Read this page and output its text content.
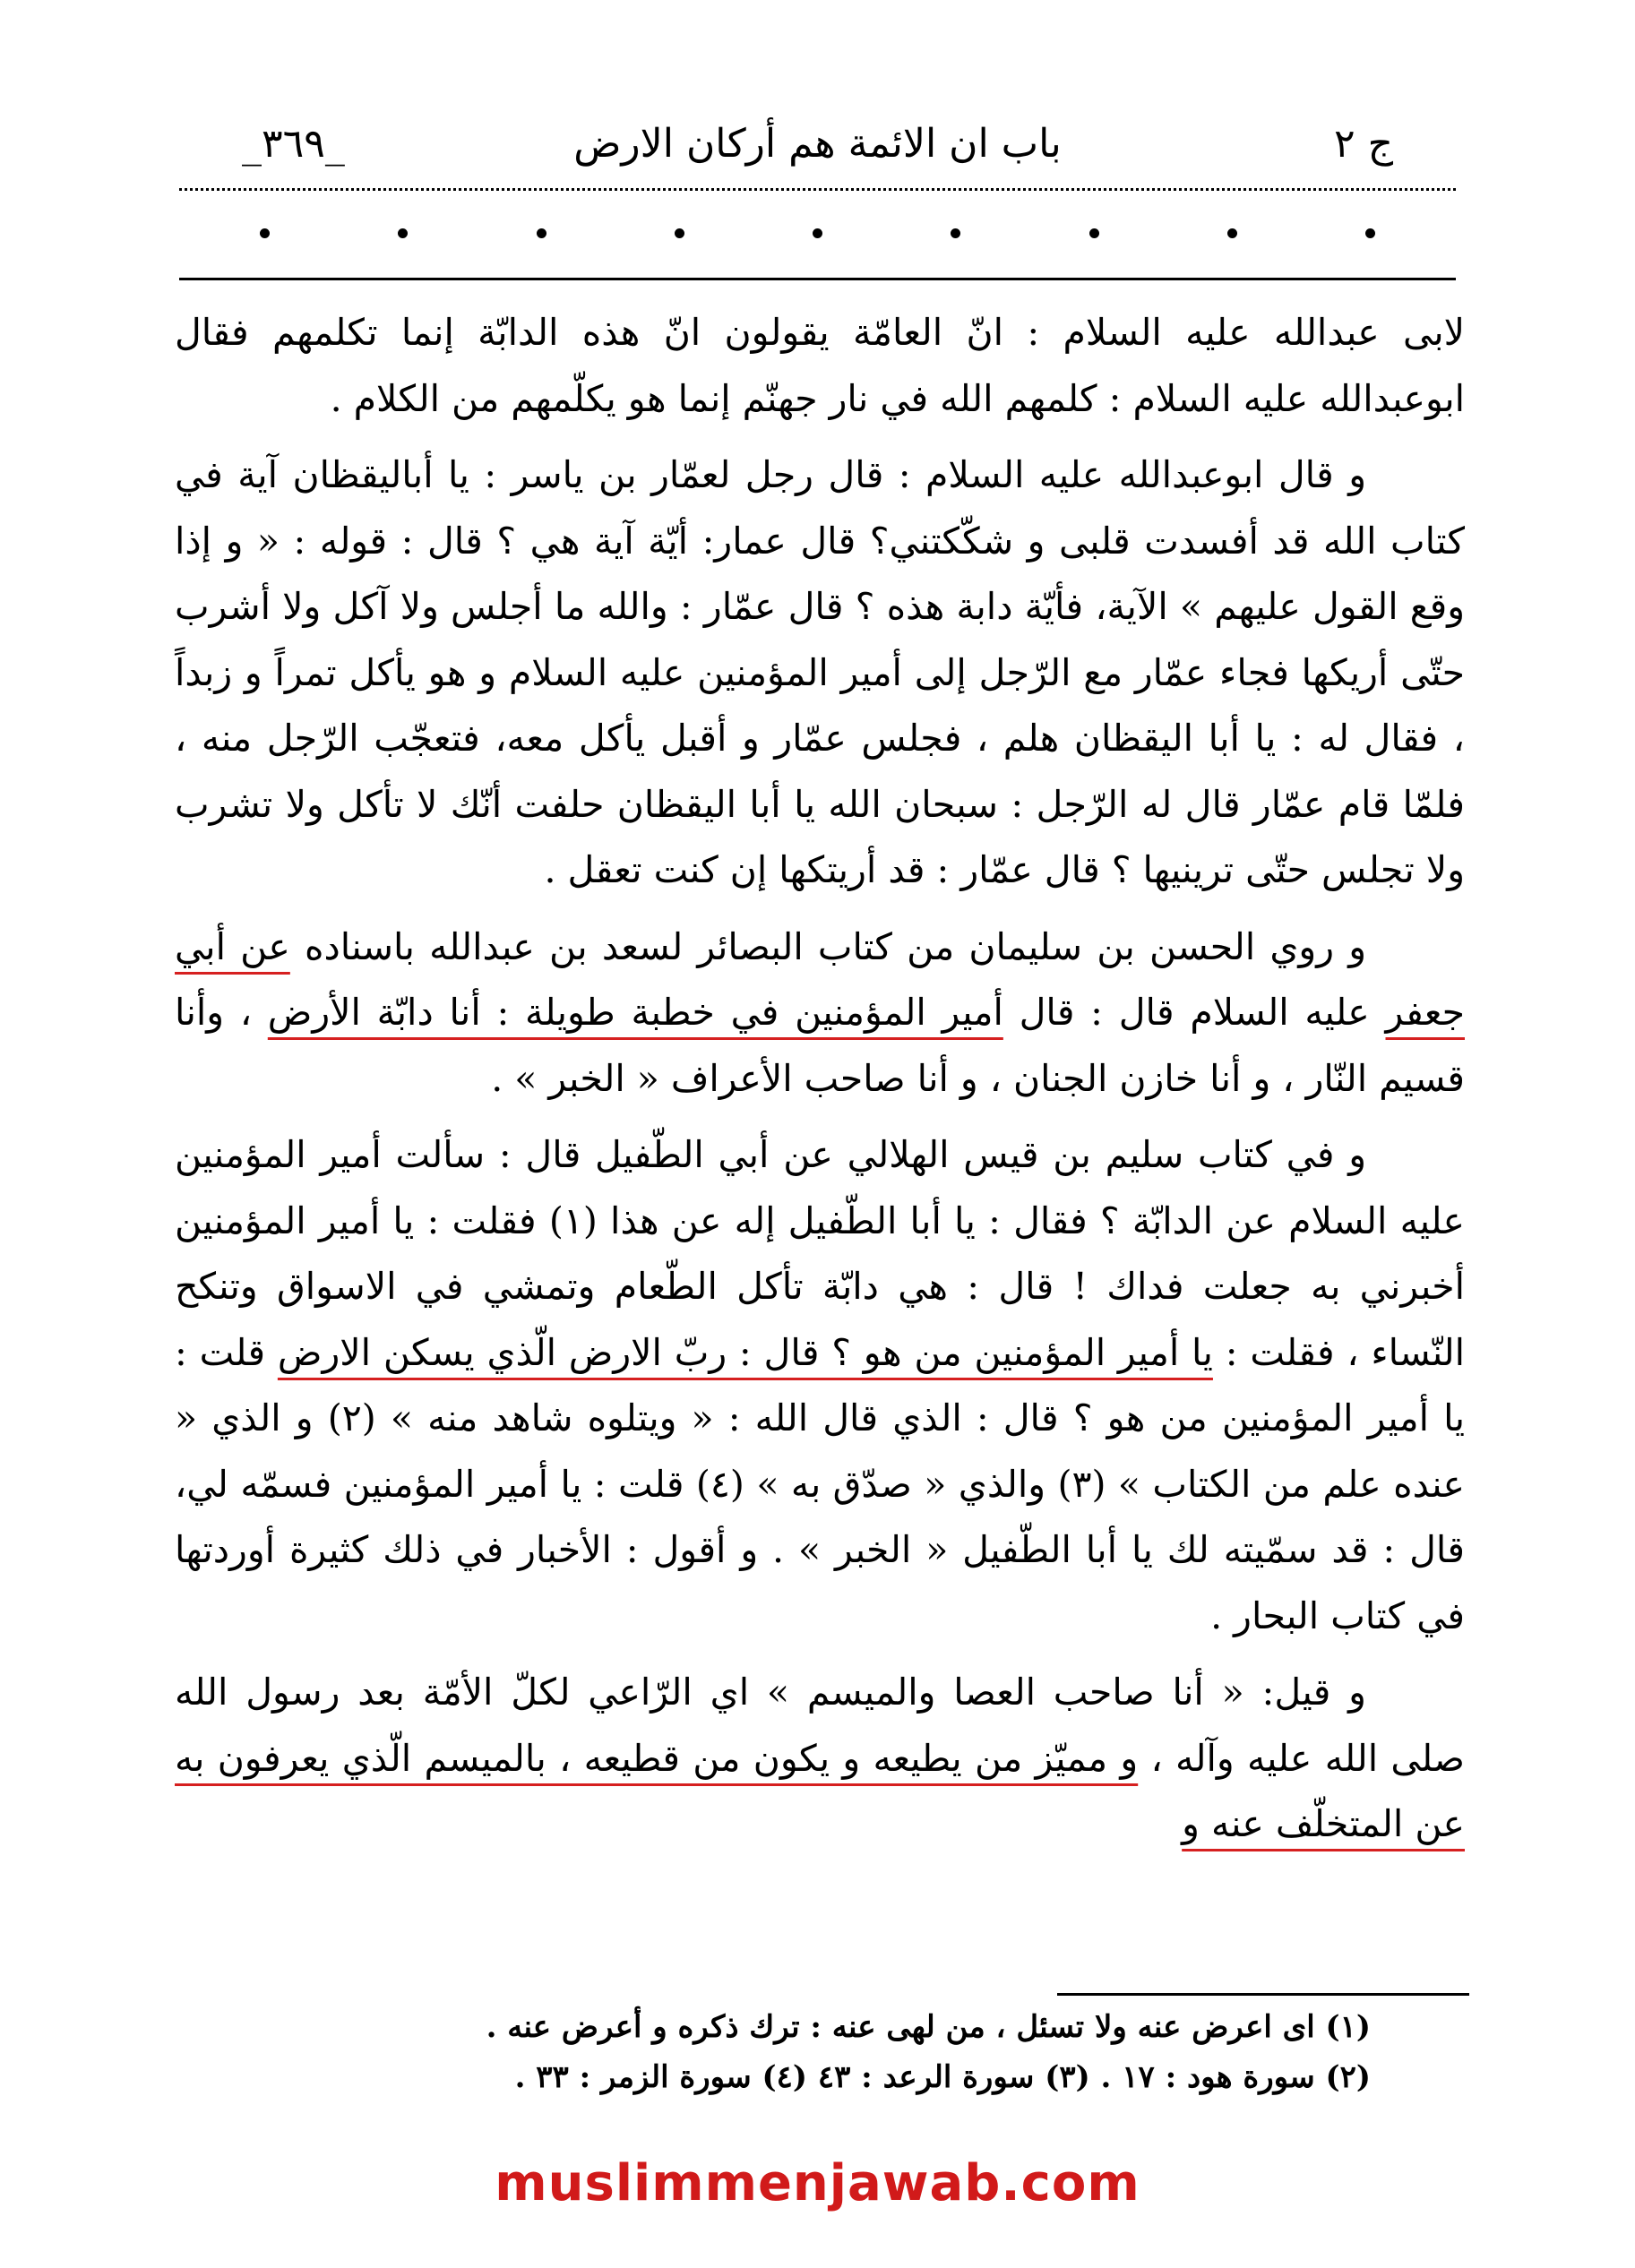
ج ٢
باب ان الائمة هم أركان الارض
_٣٦٩_

لابى عبدالله عليه السلام : انّ العامّة يقولون انّ هذه الدابّة إنما تكلمهم فقال ابوعبدالله عليه السلام : كلمهم الله في نار جهنّم إنما هو يكلّمهم من الكلام .

و قال ابوعبدالله عليه السلام : قال رجل لعمّار بن ياسر : يا أباليقظان آية في كتاب الله قد أفسدت قلبى و شكّكتني؟ قال عمار: أيّة آية هي ؟ قال : قوله : « و إذا وقع القول عليهم » الآية، فأيّة دابة هذه ؟ قال عمّار : والله ما أجلس ولا آكل ولا أشرب حتّى أريكها فجاء عمّار مع الرّجل إلى أمير المؤمنين عليه السلام و هو يأكل تمراً و زبداً ، فقال له : يا أبا اليقظان هلم ، فجلس عمّار و أقبل يأكل معه، فتعجّب الرّجل منه ، فلمّا قام عمّار قال له الرّجل : سبحان الله يا أبا اليقظان حلفت أنّك لا تأكل ولا تشرب ولا تجلس حتّى ترينيها ؟ قال عمّار : قد أريتكها إن كنت تعقل .

و روي الحسن بن سليمان من كتاب البصائر لسعد بن عبدالله باسناده عن أبي جعفر عليه السلام قال : قال أمير المؤمنين في خطبة طويلة : أنا دابّة الأرض ، وأنا قسيم النّار ، و أنا خازن الجنان ، و أنا صاحب الأعراف « الخبر » .

و في كتاب سليم بن قيس الهلالي عن أبي الطّفيل قال : سألت أمير المؤمنين عليه السلام عن الدابّة ؟ فقال : يا أبا الطّفيل إله عن هذا (١) فقلت : يا أمير المؤمنين أخبرني به جعلت فداك ! قال : هي دابّة تأكل الطّعام وتمشي في الاسواق وتنكح النّساء ، فقلت : يا أمير المؤمنين من هو ؟ قال : ربّ الارض الّذي يسكن الارض قلت : يا أمير المؤمنين من هو ؟ قال : الذي قال الله : « ويتلوه شاهد منه » (٢) و الذي « عنده علم من الكتاب » (٣) والذي « صدّق به » (٤) قلت : يا أمير المؤمنين فسمّه لي، قال : قد سمّيته لك يا أبا الطّفيل « الخبر » . و أقول : الأخبار في ذلك كثيرة أوردتها في كتاب البحار .

و قيل: « أنا صاحب العصا والميسم » اي الرّاعي لكلّ الأمّة بعد رسول الله صلى الله عليه وآله ، و مميّز من يطيعه و يكون من قطيعه ، بالميسم الّذي يعرفون به عن المتخلّف عنه و

(١) اى اعرض عنه ولا تسئل ، من لهى عنه : ترك ذكره و أعرض عنه .
(٢) سورة هود : ١٧ . (٣) سورة الرعد : ٤٣ (٤) سورة الزمر : ٣٣ .
muslimmenjawab.com
